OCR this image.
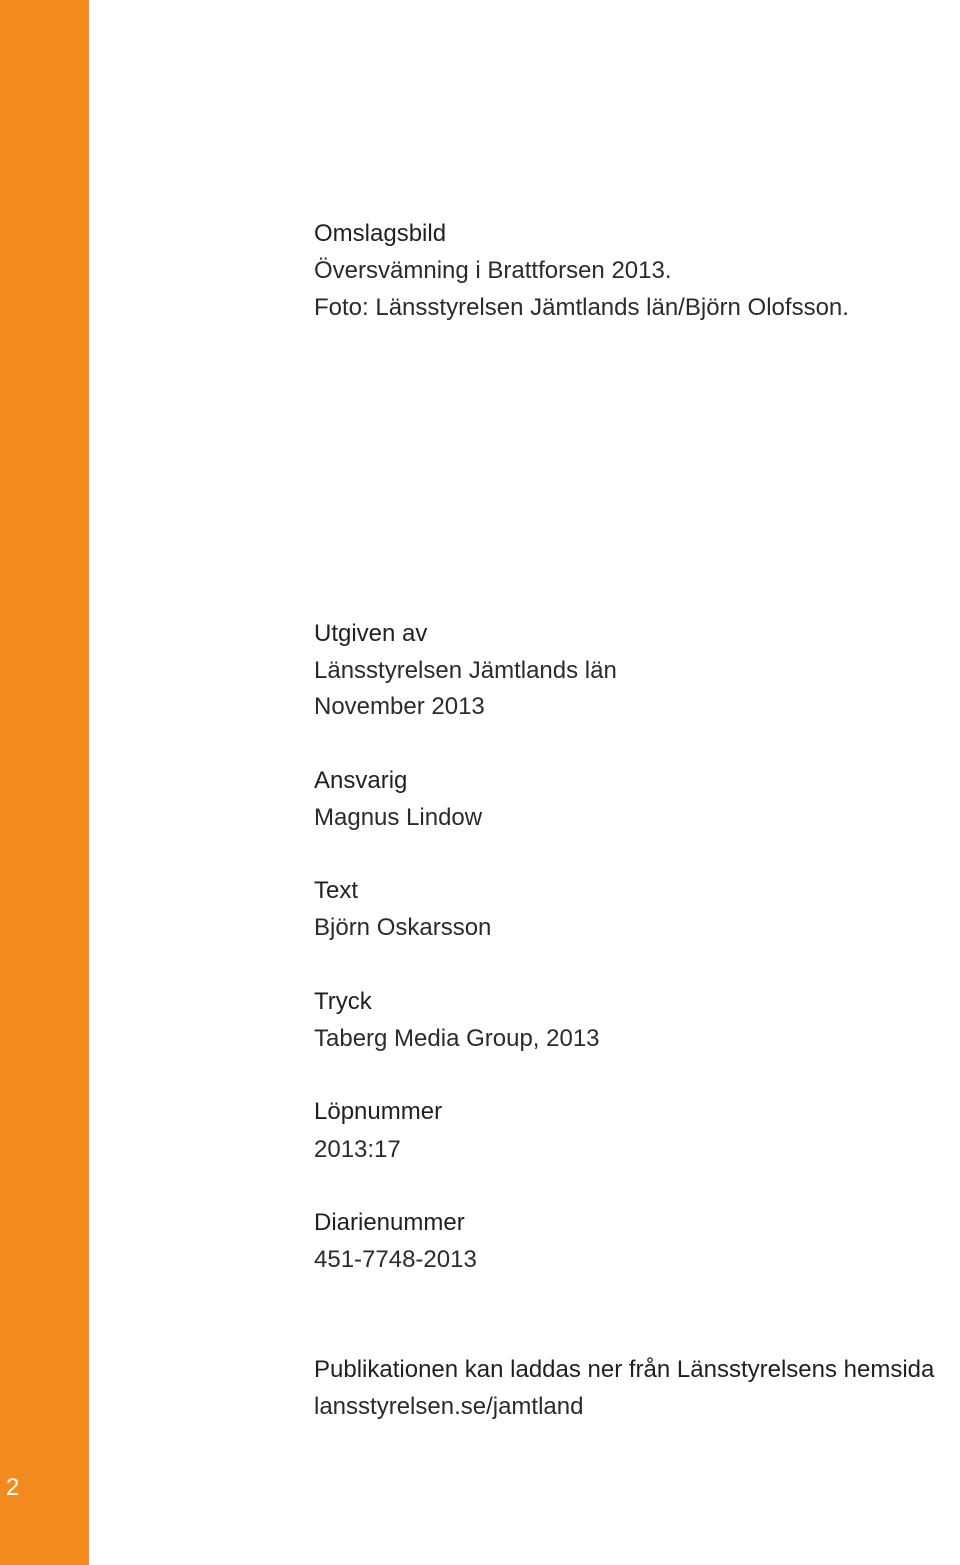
2
Omslagsbild
Översvämning i Brattforsen 2013.
Foto: Länsstyrelsen Jämtlands län/Björn Olofsson.
Utgiven av
Länsstyrelsen Jämtlands län
November 2013
Ansvarig
Magnus Lindow
Text
Björn Oskarsson
Tryck
Taberg Media Group, 2013
Löpnummer
2013:17
Diarienummer
451-7748-2013
Publikationen kan laddas ner från Länsstyrelsens hemsida
lansstyrelsen.se/jamtland
